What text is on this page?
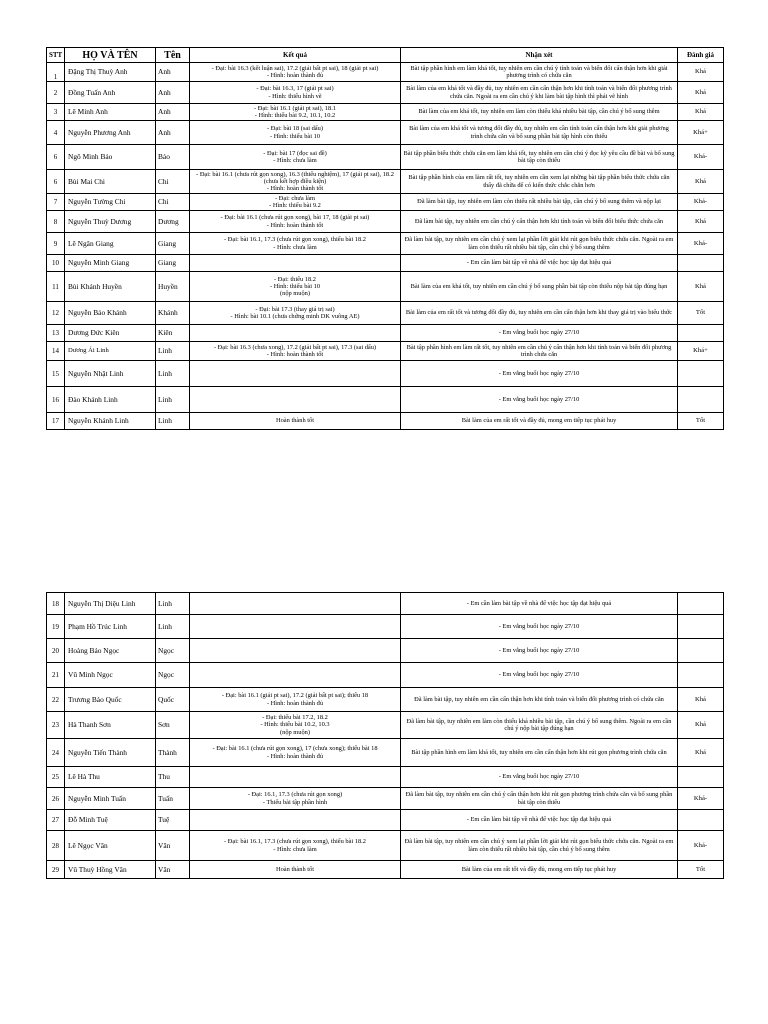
STT	HỌ VÀ TÊN	Tên	Kết quả	Nhận xét	Đánh giá
1	Đặng Thị Thuỳ Anh	Anh	- Đại: bài 16.3 (kết luận sai), 17.2 (giải bất pt sai), 18 (giải pt sai)
- Hình: hoàn thành đủ	Bài tập phần hình em làm khá tốt, tuy nhiên em cần chú ý tính toán và biến đổi cẩn thận hơn khi giải phương trình có chứa căn	Khá
2	Đồng Tuấn Anh	Anh	- Đại: bài 16.3, 17 (giải pt sai)
- Hình: thiếu hình vẽ	Bài làm của em khá tốt và đầy đủ, tuy nhiên em cần cẩn thận hơn khi tính toán và biến đổi phương trình chứa căn. Ngoài ra em cần chú ý khi làm bài tập hình thì phải vẽ hình	Khá
3	Lê Minh Anh	Anh	- Đại: bài 16.1 (giải pt sai), 18.1
- Hình: thiếu bài 9.2, 10.1, 10.2	Bài làm của em khá tốt, tuy nhiên em làm còn thiếu khá nhiều bài tập, cần chú ý bổ sung thêm	Khá
4	Nguyễn Phương Anh	Anh	- Đại: bài 18 (sai dấu)
- Hình: thiếu bài 10	Bài làm của em khá tốt và tương đối đầy đủ, tuy nhiên em cần tính toán cẩn thận hơn khi giải phương trình chứa căn và bổ sung phần bài tập hình còn thiếu	Khá+
6	Ngô Minh Bảo	Bảo	- Đại: bài 17 (đọc sai đề)
- Hình: chưa làm	Bài tập phần biểu thức chứa căn em làm khá tốt, tuy nhiên em cần chú ý đọc kỹ yêu cầu đề bài và bổ sung bài tập còn thiếu	Khá-
6	Bùi Mai Chi	Chi	- Đại: bài 16.1 (chưa rút gọn xong), 16.3 (thiếu nghiệm), 17 (giải pt sai), 18.2 (chưa kết hợp điều kiện)
- Hình: hoàn thành tốt	Bài tập phần hình của em làm rất tốt, tuy nhiên em cần xem lại những bài tập phần biểu thức chứa căn thấy đã chữa để có kiến thức chắc chắn hơn	Khá
7	Nguyễn Tường Chi	Chi	- Đại: chưa làm
- Hình: thiếu bài 9.2	Đã làm bài tập, tuy nhiên em làm còn thiếu rất nhiều bài tập, cần chú ý bổ sung thêm và nộp lại	Khá-
8	Nguyễn Thuỳ Dương	Dương	- Đại: bài 16.1 (chưa rút gọn xong), bài 17, 18 (giải pt sai)
- Hình: hoàn thành tốt	Đã làm bài tập, tuy nhiên em cần chú ý cẩn thận hơn khi tính toán và biến đổi biểu thức chứa căn	Khá
9	Lê Ngân Giang	Giang	- Đại: bài 16.1, 17.3 (chưa rút gọn xong), thiếu bài 18.2
- Hình: chưa làm	Đã làm bài tập, tuy nhiên em cần chú ý xem lại phần lời giải khi rút gọn biểu thức chứa căn. Ngoài ra em làm còn thiếu rất nhiều bài tập, cần chú ý bổ sung thêm	Khá-
10	Nguyễn Minh Giang	Giang		- Em cần làm bài tập về nhà để việc học tập đạt hiệu quả	
11	Bùi Khánh Huyền	Huyền	- Đại: thiếu 18.2
- Hình: thiếu bài 10
(nộp muộn)	Bài làm của em khá tốt, tuy nhiên em cần chú ý bổ sung phần bài tập còn thiếu nộp bài tập đúng hạn	Khá
12	Nguyễn Bảo Khánh	Khánh	- Đại: bài 17.3 (thay giá trị sai)
- Hình: bài 10.1 (chưa chứng minh DK vuông AE)	Bài làm của em rất tốt và tương đối đầy đủ, tuy nhiên em cần cẩn thận hơn khi thay giá trị vào biểu thức	Tốt
13	Dương Đức Kiên	Kiên		- Em vắng buổi học ngày 27/10	
14	Dương Ái Linh	Linh	- Đại: bài 16.3 (chưa xong), 17.2 (giải bất pt sai), 17.3 (sai dấu)
- Hình: hoàn thành tốt	Bài tập phần hình em làm rất tốt, tuy nhiên em cần chú ý cẩn thận hơn khi tính toán và biến đổi phương trình chứa căn	Khá+
15	Nguyễn Nhật Linh	Linh		- Em vắng buổi học ngày 27/10	
16	Đào Khánh Linh	Linh		- Em vắng buổi học ngày 27/10	
17	Nguyễn Khánh Linh	Linh	Hoàn thành tốt	Bài làm của em rất tốt và đầy đủ, mong em tiếp tục phát huy	Tốt
18	Nguyễn Thị Diệu Linh	Linh		- Em cần làm bài tập về nhà để việc học tập đạt hiệu quả	
19	Phạm Hồ Trúc Linh	Linh		- Em vắng buổi học ngày 27/10	
20	Hoàng Bảo Ngọc	Ngọc		- Em vắng buổi học ngày 27/10	
21	Vũ Minh Ngọc	Ngọc		- Em vắng buổi học ngày 27/10	
22	Trương Bảo Quốc	Quốc	- Đại: bài 16.1 (giải pt sai), 17.2 (giải bất pt sai); thiếu 18
- Hình: hoàn thành đủ	Đã làm bài tập, tuy nhiên em cần cẩn thận hơn khi tính toán và biến đổi phương trình có chứa căn	Khá
23	Hà Thanh Sơn	Sơn	- Đại: thiếu bài 17.2, 18.2
- Hình: thiếu bài 10.2, 10.3
(nộp muộn)	Đã làm bài tập, tuy nhiên em làm còn thiếu khá nhiều bài tập, cần chú ý bổ sung thêm. Ngoài ra em cần chú ý nộp bài tập đúng hạn	Khá
24	Nguyễn Tiến Thành	Thành	- Đại: bài 16.1 (chưa rút gọn xong), 17 (chưa xong); thiếu bài 18
- Hình: hoàn thành đủ	Bài tập phần hình em làm khá tốt, tuy nhiên em cần cẩn thận hơn khi rút gọn phương trình chứa căn	Khá
25	Lê Hà Thu	Thu		- Em vắng buổi học ngày 27/10	
26	Nguyễn Minh Tuấn	Tuấn	- Đại: 16.1, 17.3 (chưa rút gọn xong)
- Thiếu bài tập phần hình	Đã làm bài tập, tuy nhiên em cần chú ý cẩn thận hơn khi rút gọn phương trình chứa căn và bổ sung phần bài tập còn thiếu	Khá-
27	Đỗ Minh Tuệ	Tuệ		- Em cần làm bài tập về nhà để việc học tập đạt hiệu quả	
28	Lê Ngọc Vân	Vân	- Đại: bài 16.1, 17.3 (chưa rút gọn xong), thiếu bài 18.2
- Hình: chưa làm	Đã làm bài tập, tuy nhiên em cần chú ý xem lại phần lời giải khi rút gọn biểu thức chứa căn. Ngoài ra em làm còn thiếu rất nhiều bài tập, cần chú ý bổ sung thêm	Khá-
29	Vũ Thuỳ Hồng Vân	Vân	Hoàn thành tốt	Bài làm của em rất tốt và đầy đủ, mong em tiếp tục phát huy	Tốt
